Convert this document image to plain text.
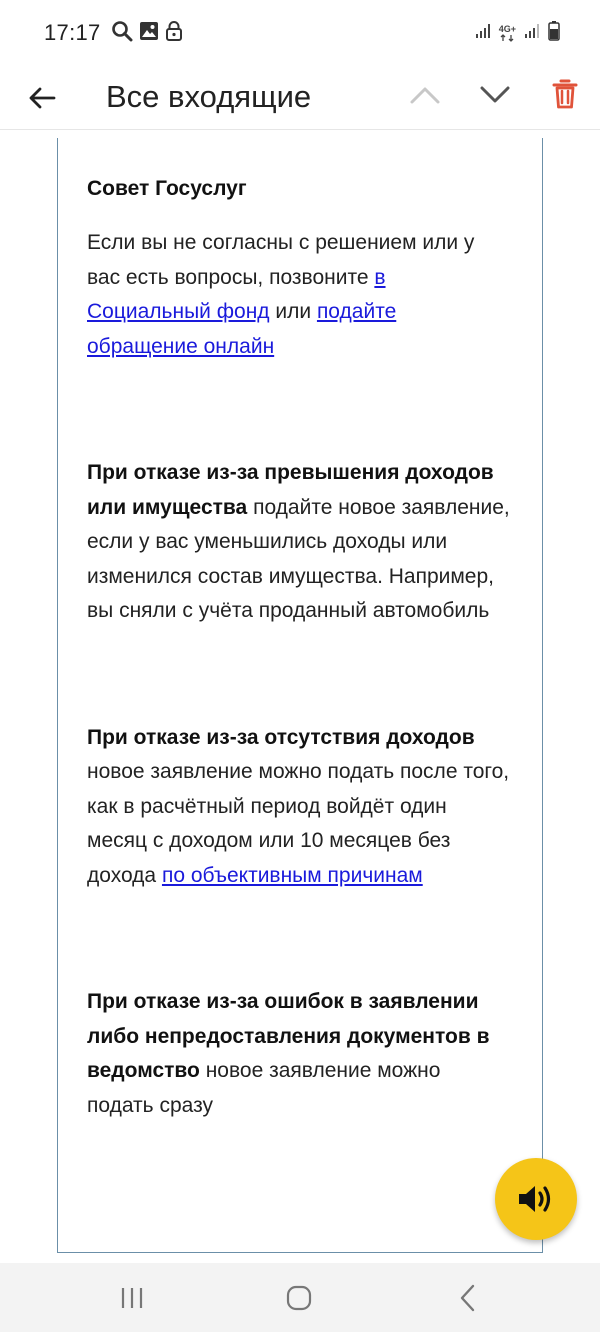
17:17	4G+
Все входящие
Совет Госуслуг

Если вы не согласны с решением или у вас есть вопросы, позвоните в Социальный фонд или подайте обращение онлайн

При отказе из-за превышения доходов или имущества подайте новое заявление, если у вас уменьшились доходы или изменился состав имущества. Например, вы сняли с учёта проданный автомобиль

При отказе из-за отсутствия доходов новое заявление можно подать после того, как в расчётный период войдёт один месяц с доходом или 10 месяцев без дохода по объективным причинам

При отказе из-за ошибок в заявлении либо непредоставления документов в ведомство новое заявление можно подать сразу
